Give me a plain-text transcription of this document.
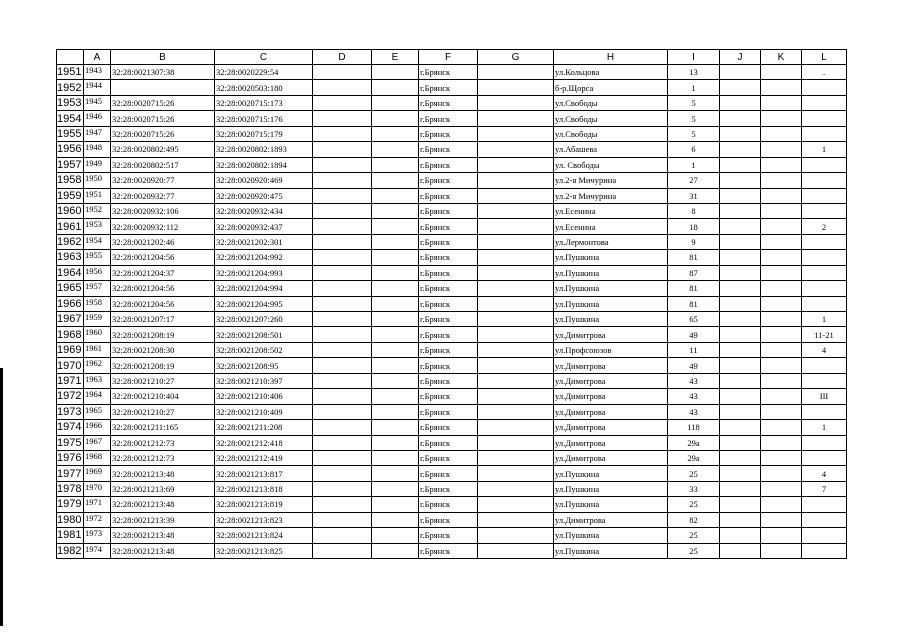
	A	B	C	D	E	F	G	H	I	J	K	L
1951	1943	32:28:0021307:38	32:28:0020229:54			г.Брянск		ул.Кольцова	13			.
1952	1944		32:28:0020503:180			г.Брянск		б-р.Щорса	1			
1953	1945	32:28:0020715:26	32:28:0020715:173			г.Брянск		ул.Свободы	5			
1954	1946	32:28:0020715:26	32:28:0020715:176			г.Брянск		ул.Свободы	5			
1955	1947	32:28:0020715:26	32:28:0020715:179			г.Брянск		ул.Свободы	5			
1956	1948	32:28:0020802:495	32:28:0020802:1893			г.Брянск		ул.Абашева	6			1
1957	1949	32:28:0020802:517	32:28:0020802:1894			г.Брянск		ул. Свободы	1			
1958	1950	32:28:0020920:77	32:28:0020920:469			г.Брянск		ул.2-я Мичурина	27			
1959	1951	32:28:0020932:77	32:28:0020920:475			г.Брянск		ул.2-я Мичурина	31			
1960	1952	32:28:0020932:106	32:28:0020932:434			г.Брянск		ул.Есенина	8			
1961	1953	32:28:0020932:112	32:28:0020932:437			г.Брянск		ул.Есенина	18			2
1962	1954	32:28:0021202:46	32:28:0021202:301			г.Брянск		ул.Лермонтова	9			
1963	1955	32:28:0021204:56	32:28:0021204:992			г.Брянск		ул.Пушкина	81			
1964	1956	32:28:0021204:37	32:28:0021204:993			г.Брянск		ул.Пушкина	87			
1965	1957	32:28:0021204:56	32:28:0021204:994			г.Брянск		ул.Пушкина	81			
1966	1958	32:28:0021204:56	32:28:0021204:995			г.Брянск		ул.Пушкина	81			
1967	1959	32:28:0021207:17	32:28:0021207:260			г.Брянск		ул.Пушкина	65			1
1968	1960	32:28:0021208:19	32:28:0021208:501			г.Брянск		ул.Димитрова	49			11-21
1969	1961	32:28:0021208:30	32:28:0021208:502			г.Брянск		ул.Профсоюзов	11			4
1970	1962	32:28:0021208:19	32:28:0021208:95			г.Брянск		ул.Димитрова	49			
1971	1963	32:28:0021210:27	32:28:0021210:397			г.Брянск		ул.Димитрова	43			
1972	1964	32:28:0021210:404	32:28:0021210:406			г.Брянск		ул.Димитрова	43			III
1973	1965	32:28:0021210:27	32:28:0021210:409			г.Брянск		ул.Димитрова	43			
1974	1966	32:28:0021211:165	32:28:0021211:208			г.Брянск		ул.Димитрова	118			1
1975	1967	32:28:0021212:73	32:28:0021212:418			г.Брянск		ул.Димитрова	29а			
1976	1968	32:28:0021212:73	32:28:0021212:419			г.Брянск		ул.Димитрова	29а			
1977	1969	32:28:0021213:48	32:28:0021213:817			г.Брянск		ул.Пушкина	25			4
1978	1970	32:28:0021213:69	32:28:0021213:818			г.Брянск		ул.Пушкина	33			7
1979	1971	32:28:0021213:48	32:28:0021213:819			г.Брянск		ул.Пушкина	25			
1980	1972	32:28:0021213:39	32:28:0021213:823			г.Брянск		ул.Димитрова	82			
1981	1973	32:28:0021213:48	32:28:0021213:824			г.Брянск		ул.Пушкина	25			
1982	1974	32:28:0021213:48	32:28:0021213:825			г.Брянск		ул.Пушкина	25			
